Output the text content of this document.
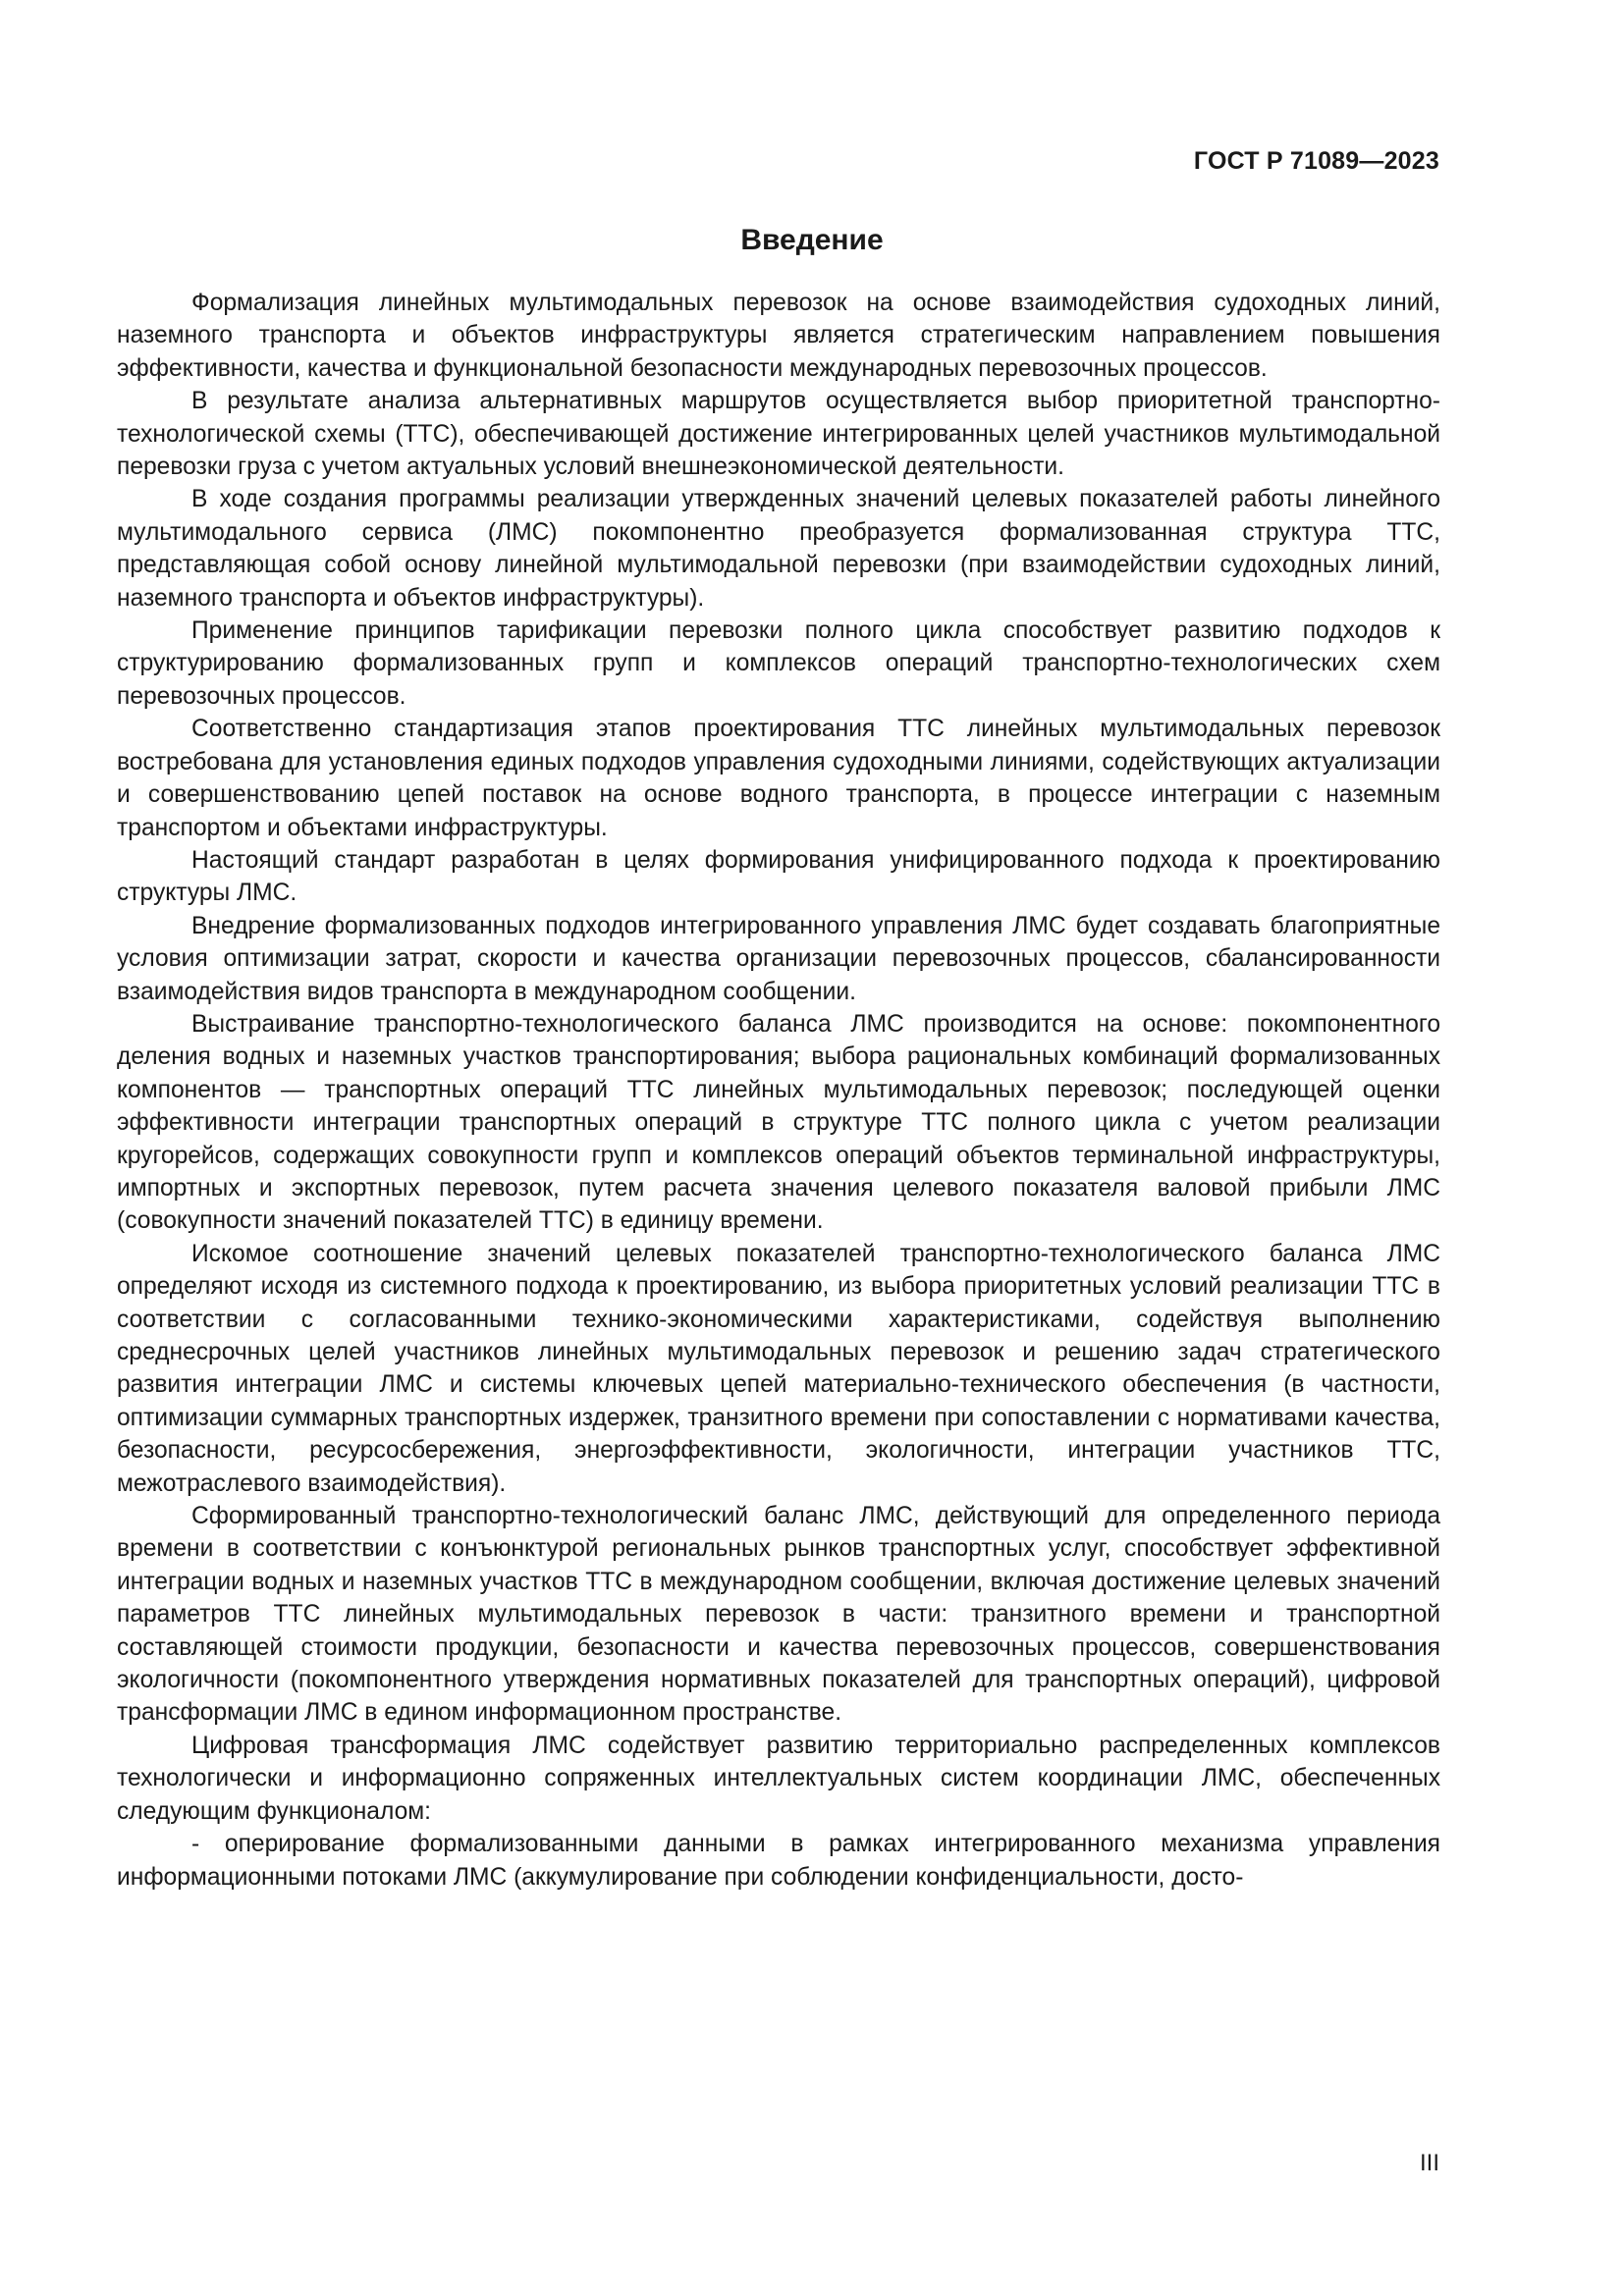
ГОСТ Р 71089—2023
Введение

Формализация линейных мультимодальных перевозок на основе взаимодействия судоходных линий, наземного транспорта и объектов инфраструктуры является стратегическим направлением повышения эффективности, качества и функциональной безопасности международных перевозочных процессов.

В результате анализа альтернативных маршрутов осуществляется выбор приоритетной транспортно-технологической схемы (ТТС), обеспечивающей достижение интегрированных целей участников мультимодальной перевозки груза с учетом актуальных условий внешнеэкономической деятельности.

В ходе создания программы реализации утвержденных значений целевых показателей работы линейного мультимодального сервиса (ЛМС) покомпонентно преобразуется формализованная структура ТТС, представляющая собой основу линейной мультимодальной перевозки (при взаимодействии судоходных линий, наземного транспорта и объектов инфраструктуры).

Применение принципов тарификации перевозки полного цикла способствует развитию подходов к структурированию формализованных групп и комплексов операций транспортно-технологических схем перевозочных процессов.

Соответственно стандартизация этапов проектирования ТТС линейных мультимодальных перевозок востребована для установления единых подходов управления судоходными линиями, содействующих актуализации и совершенствованию цепей поставок на основе водного транспорта, в процессе интеграции с наземным транспортом и объектами инфраструктуры.

Настоящий стандарт разработан в целях формирования унифицированного подхода к проектированию структуры ЛМС.

Внедрение формализованных подходов интегрированного управления ЛМС будет создавать благоприятные условия оптимизации затрат, скорости и качества организации перевозочных процессов, сбалансированности взаимодействия видов транспорта в международном сообщении.

Выстраивание транспортно-технологического баланса ЛМС производится на основе: покомпонентного деления водных и наземных участков транспортирования; выбора рациональных комбинаций формализованных компонентов — транспортных операций ТТС линейных мультимодальных перевозок; последующей оценки эффективности интеграции транспортных операций в структуре ТТС полного цикла с учетом реализации кругорейсов, содержащих совокупности групп и комплексов операций объектов терминальной инфраструктуры, импортных и экспортных перевозок, путем расчета значения целевого показателя валовой прибыли ЛМС (совокупности значений показателей ТТС) в единицу времени.

Искомое соотношение значений целевых показателей транспортно-технологического баланса ЛМС определяют исходя из системного подхода к проектированию, из выбора приоритетных условий реализации ТТС в соответствии с согласованными технико-экономическими характеристиками, содействуя выполнению среднесрочных целей участников линейных мультимодальных перевозок и решению задач стратегического развития интеграции ЛМС и системы ключевых цепей материально-технического обеспечения (в частности, оптимизации суммарных транспортных издержек, транзитного времени при сопоставлении с нормативами качества, безопасности, ресурсосбережения, энергоэффективности, экологичности, интеграции участников ТТС, межотраслевого взаимодействия).

Сформированный транспортно-технологический баланс ЛМС, действующий для определенного периода времени в соответствии с конъюнктурой региональных рынков транспортных услуг, способствует эффективной интеграции водных и наземных участков ТТС в международном сообщении, включая достижение целевых значений параметров ТТС линейных мультимодальных перевозок в части: транзитного времени и транспортной составляющей стоимости продукции, безопасности и качества перевозочных процессов, совершенствования экологичности (покомпонентного утверждения нормативных показателей для транспортных операций), цифровой трансформации ЛМС в едином информационном пространстве.

Цифровая трансформация ЛМС содействует развитию территориально распределенных комплексов технологически и информационно сопряженных интеллектуальных систем координации ЛМС, обеспеченных следующим функционалом:

- оперирование формализованными данными в рамках интегрированного механизма управления информационными потоками ЛМС (аккумулирование при соблюдении конфиденциальности, досто-

III
